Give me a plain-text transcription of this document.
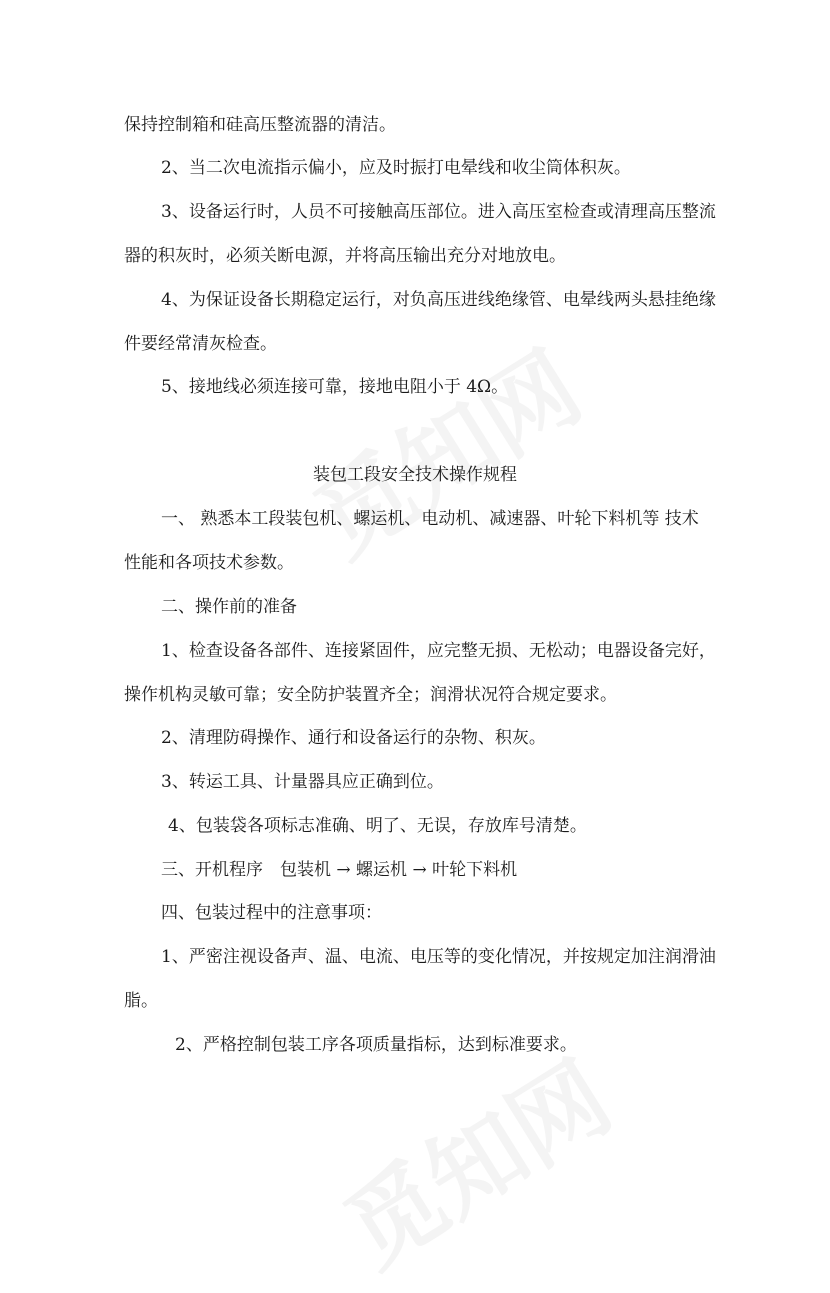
保持控制箱和硅高压整流器的清洁。
2、当二次电流指示偏小，应及时振打电晕线和收尘筒体积灰。
3、设备运行时，人员不可接触高压部位。进入高压室检查或清理高压整流
器的积灰时，必须关断电源，并将高压输出充分对地放电。
4、为保证设备长期稳定运行，对负高压进线绝缘管、电晕线两头悬挂绝缘
件要经常清灰检查。
5、接地线必须连接可靠，接地电阻小于 4Ω。
装包工段安全技术操作规程
一、 熟悉本工段装包机、螺运机、电动机、减速器、叶轮下料机等 技术
性能和各项技术参数。
二、操作前的准备
1、检查设备各部件、连接紧固件，应完整无损、无松动；电器设备完好，
操作机构灵敏可靠；安全防护装置齐全；润滑状况符合规定要求。
2、清理防碍操作、通行和设备运行的杂物、积灰。
3、转运工具、计量器具应正确到位。
4、包装袋各项标志准确、明了、无误，存放库号清楚。
三、开机程序　包装机 → 螺运机 → 叶轮下料机
四、包装过程中的注意事项：
1、严密注视设备声、温、电流、电压等的变化情况，并按规定加注润滑油
脂。
2、严格控制包装工序各项质量指标，达到标准要求。
